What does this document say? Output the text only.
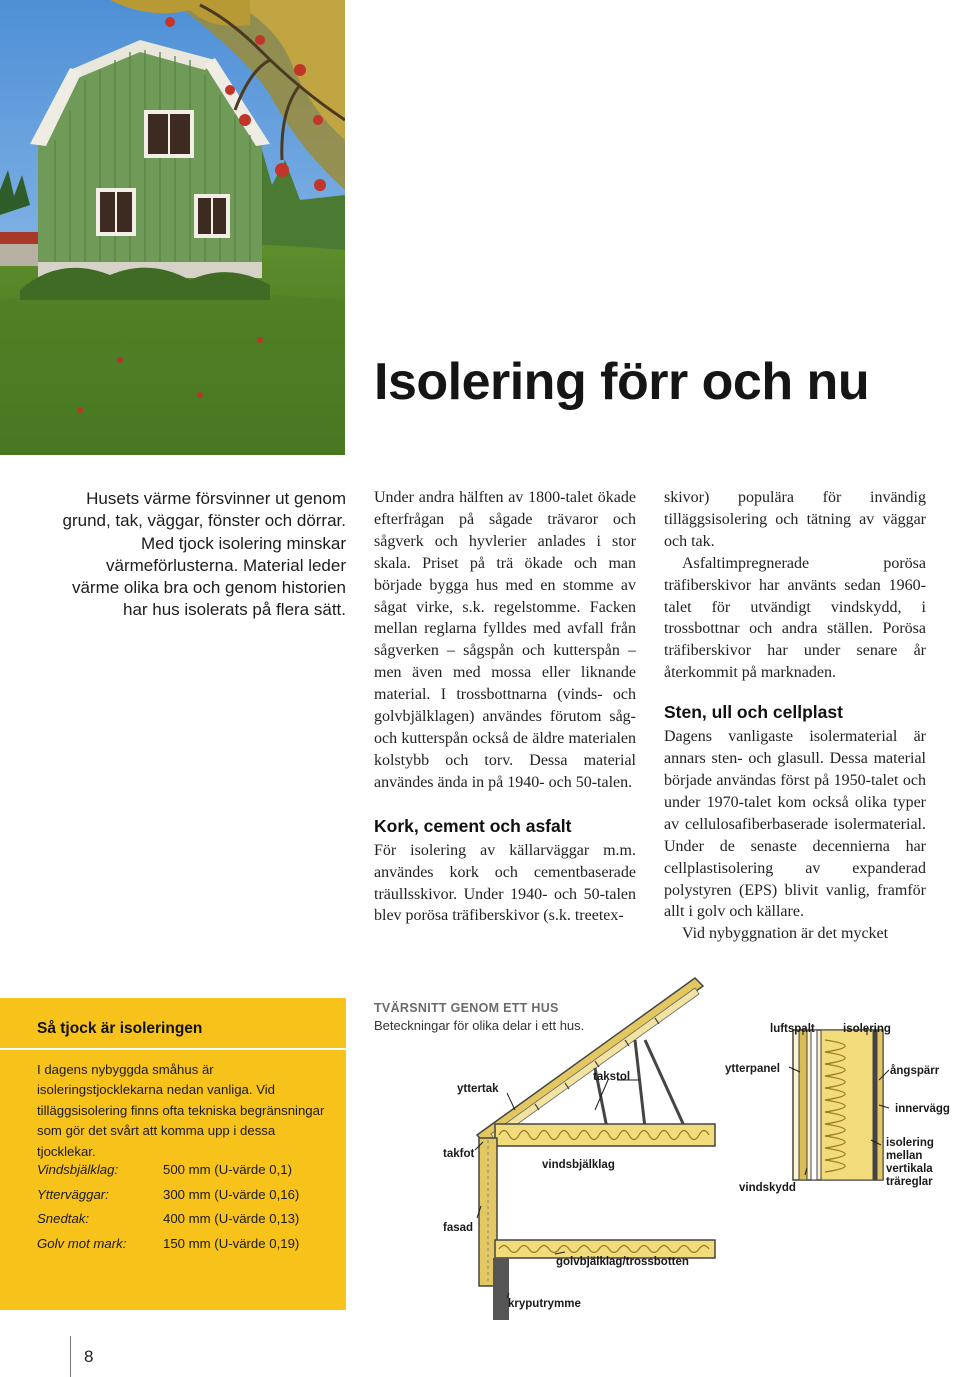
Isolering förr och nu

Husets värme försvinner ut genom grund, tak, väggar, fönster och dörrar. Med tjock isolering minskar värmeförlusterna. Material leder värme olika bra och genom historien har hus isolerats på flera sätt.

Under andra hälften av 1800-talet ökade efterfrågan på sågade trävaror och sågverk och hyvlerier anlades i stor skala. Priset på trä ökade och man började bygga hus med en stomme av sågat virke, s.k. regelstomme. Facken mellan reglarna fylldes med avfall från sågverken – sågspån och kutterspån – men även med mossa eller liknande material. I trossbottnarna (vinds- och golvbjälklagen) användes förutom såg- och kutterspån också de äldre materialen kolstybb och torv. Dessa material användes ända in på 1940- och 50-talen.

Kork, cement och asfalt

För isolering av källarväggar m.m. användes kork och cementbaserade träullsskivor. Under 1940- och 50-talen blev porösa träfiberskivor (s.k. treetex-

skivor) populära för invändig tilläggsisolering och tätning av väggar och tak.

Asfaltimpregnerade porösa träfiberskivor har använts sedan 1960-talet för utvändigt vindskydd, i trossbottnar och andra ställen. Porösa träfiberskivor har under senare år återkommit på marknaden.

Sten, ull och cellplast

Dagens vanligaste isolermaterial är annars sten- och glasull. Dessa material började användas först på 1950-talet och under 1970-talet kom också olika typer av cellulosafiberbaserade isolermaterial. Under de senaste decennierna har cellplastisolering av expanderad polystyren (EPS) blivit vanlig, framför allt i golv och källare.

Vid nybyggnation är det mycket

Så tjock är isoleringen

I dagens nybyggda småhus är isoleringstjocklekarna nedan vanliga. Vid tilläggsisolering finns ofta tekniska begränsningar som gör det svårt att komma upp i dessa tjocklekar.

Vindsbjälklag:	500 mm (U-värde 0,1)
Ytterväggar:	300 mm (U-värde 0,16)
Snedtak:	400 mm (U-värde 0,13)
Golv mot mark:	150 mm (U-värde 0,19)
yttertak
takstol
takfot
vindsbjälklag
fasad
golvbjälklag/trossbotten
kryputrymme
luftspalt isolering
ytterpanel	ångspärr
innervägg
isolering mellan vertikala träreglar
vindskydd

TVÄRSNITT GENOM ETT HUS

Beteckningar för olika delar i ett hus.

8
